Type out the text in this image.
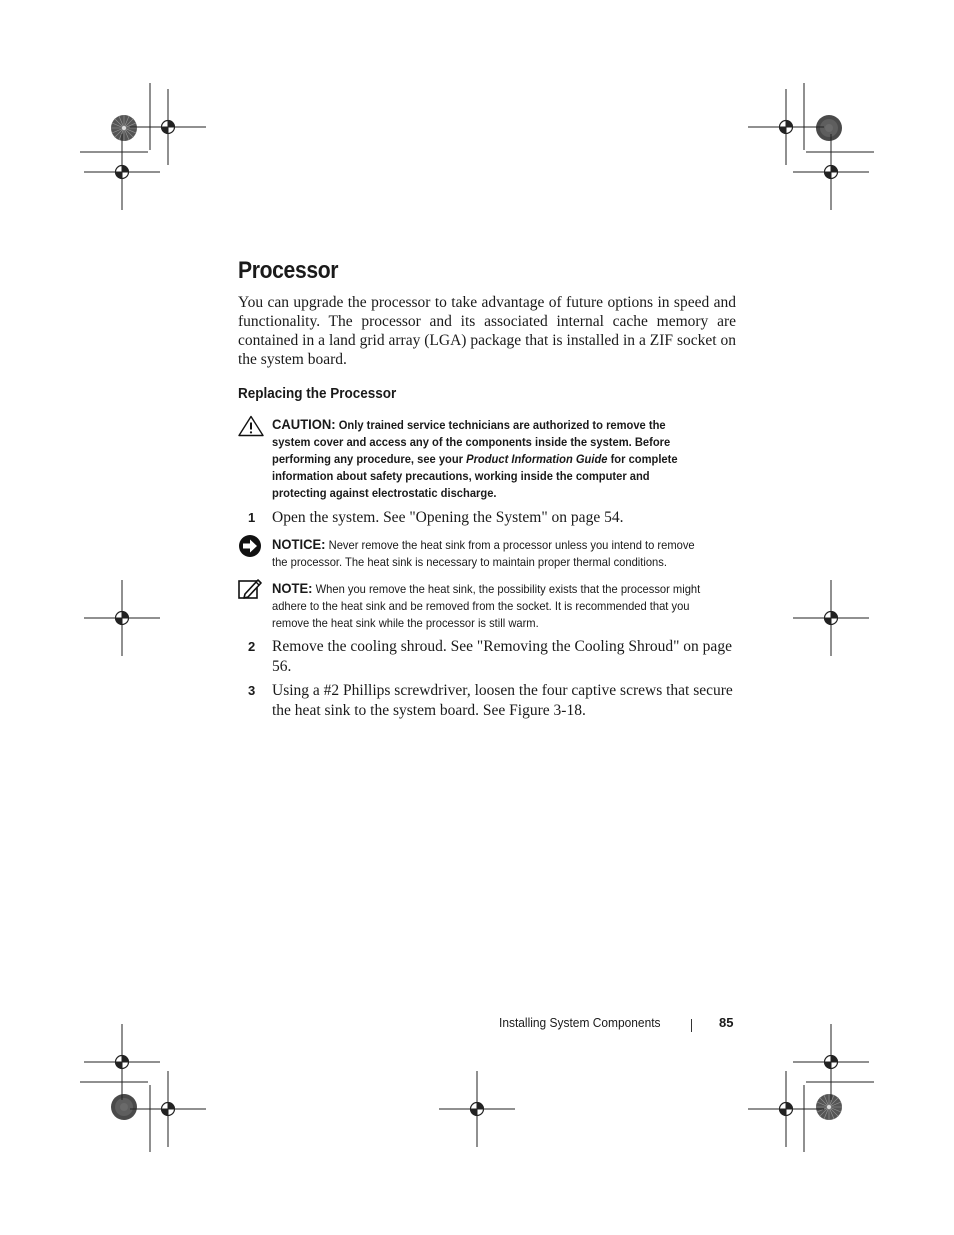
Processor

You can upgrade the processor to take advantage of future options in speed and functionality. The processor and its associated internal cache memory are contained in a land grid array (LGA) package that is installed in a ZIF socket on the system board.

Replacing the Processor
CAUTION: Only trained service technicians are authorized to remove the system cover and access any of the components inside the system. Before performing any procedure, see your Product Information Guide for complete information about safety precautions, working inside the computer and protecting against electrostatic discharge.
1 Open the system. See "Opening the System" on page 54.
NOTICE: Never remove the heat sink from a processor unless you intend to remove the processor. The heat sink is necessary to maintain proper thermal conditions.
NOTE: When you remove the heat sink, the possibility exists that the processor might adhere to the heat sink and be removed from the socket. It is recommended that you remove the heat sink while the processor is still warm.
2 Remove the cooling shroud. See "Removing the Cooling Shroud" on page 56.
3 Using a #2 Phillips screwdriver, loosen the four captive screws that secure the heat sink to the system board. See Figure 3-18.
Installing System Components	85
